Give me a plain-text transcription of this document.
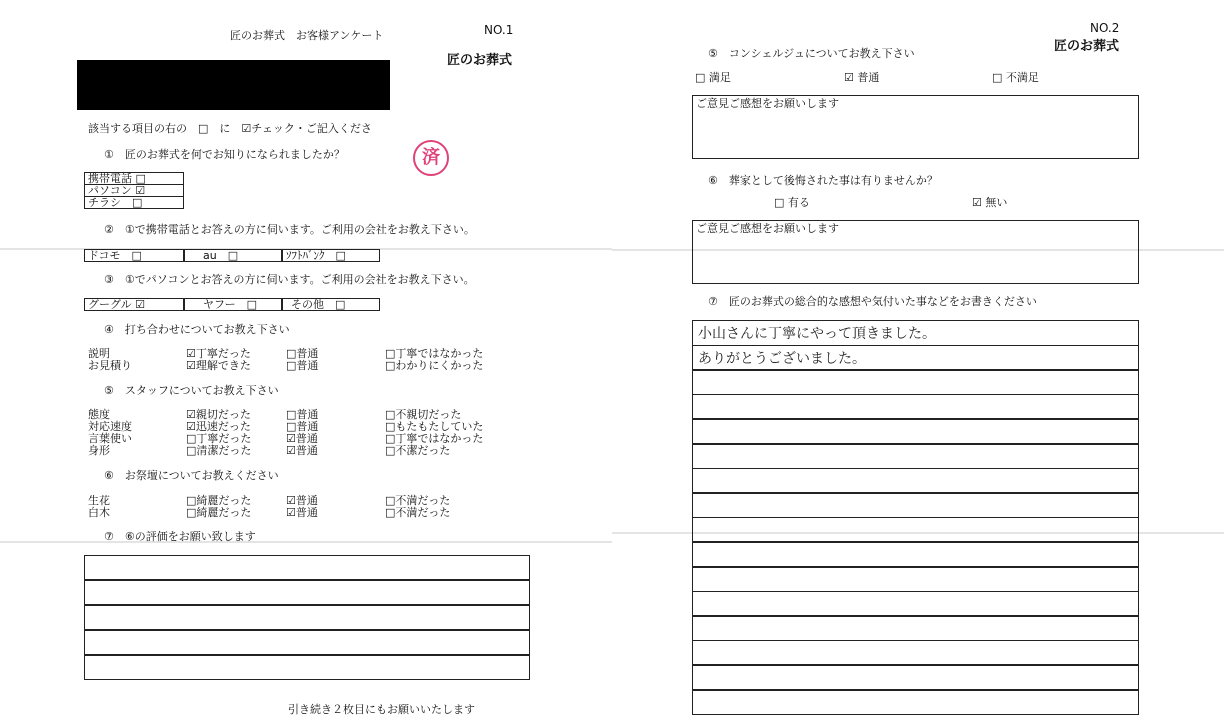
NO.1
匠のお葬式　お客様アンケート
匠のお葬式
該当する項目の右の　□　に　☑チェック・ご記入くださ
済
①　匠のお葬式を何でお知りになられましたか？
携帯電話 □
パソコン ☑
チラシ　□
②　①で携帯電話とお答えの方に伺います。ご利用の会社をお教え下さい。
ドコモ　□	au　□	ｿﾌﾄﾊﾞﾝｸ　□
③　①でパソコンとお答えの方に伺います。ご利用の会社をお教え下さい。
グーグル ☑	ヤフー　□	その他　□
④　打ち合わせについてお教え下さい
説明	☑丁寧だった	□普通	□丁寧ではなかった
お見積り	☑理解できた	□普通	□わかりにくかった
⑤　スタッフについてお教え下さい
態度	☑親切だった	□普通	□不親切だった
対応速度	☑迅速だった	□普通	□もたもたしていた
言葉使い	□丁寧だった	☑普通	□丁寧ではなかった
身形	□清潔だった	☑普通	□不潔だった
⑥　お祭壇についてお教えください
生花	□綺麗だった	☑普通	□不満だった
白木	□綺麗だった	☑普通	□不満だった
⑦　⑥の評価をお願い致します
引き続き２枚目にもお願いいたします
NO.2
匠のお葬式
⑤　コンシェルジュについてお教え下さい
□ 満足	☑ 普通	□ 不満足
ご意見ご感想をお願いします
⑥　葬家として後悔された事は有りませんか？
□ 有る	☑ 無い
ご意見ご感想をお願いします
⑦　匠のお葬式の総合的な感想や気付いた事などをお書きください
小山さんに丁寧にやって頂きました。
ありがとうございました。
